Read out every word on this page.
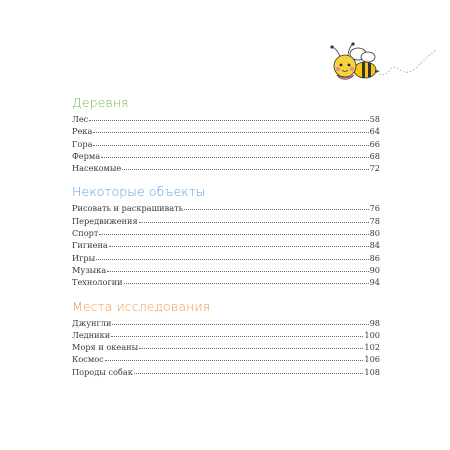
Деревня
Лес	58
Река	64
Гора	66
Ферма	68
Насекомые	72
Некоторые объекты
Рисовать и раскрашивать	76
Передвижения	78
Спорт	80
Гигиена	84
Игры	86
Музыка	90
Технологии	94
Места исследования
Джунгли	98
Ледники	100
Моря и океаны	102
Космос	106
Породы собак	108
